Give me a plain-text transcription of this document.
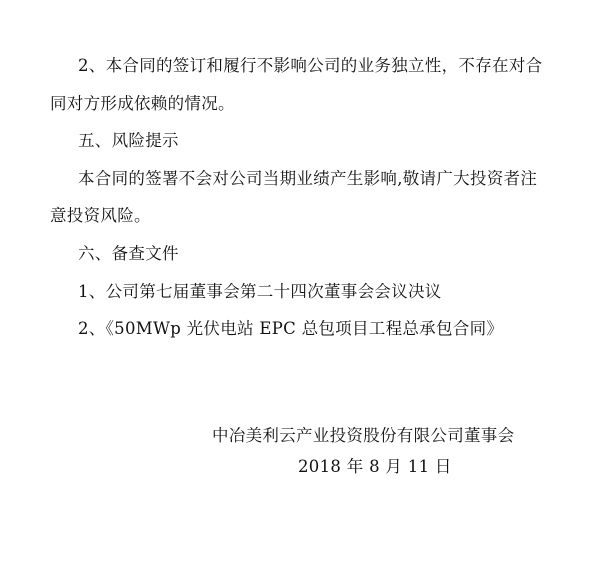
2、本合同的签订和履行不影响公司的业务独立性，不存在对合
同对方形成依赖的情况。
五、风险提示
本合同的签署不会对公司当期业绩产生影响,敬请广大投资者注
意投资风险。
六、备查文件
1、公司第七届董事会第二十四次董事会会议决议
2、《50MWp 光伏电站 EPC 总包项目工程总承包合同》
中冶美利云产业投资股份有限公司董事会
2018 年 8 月 11 日
